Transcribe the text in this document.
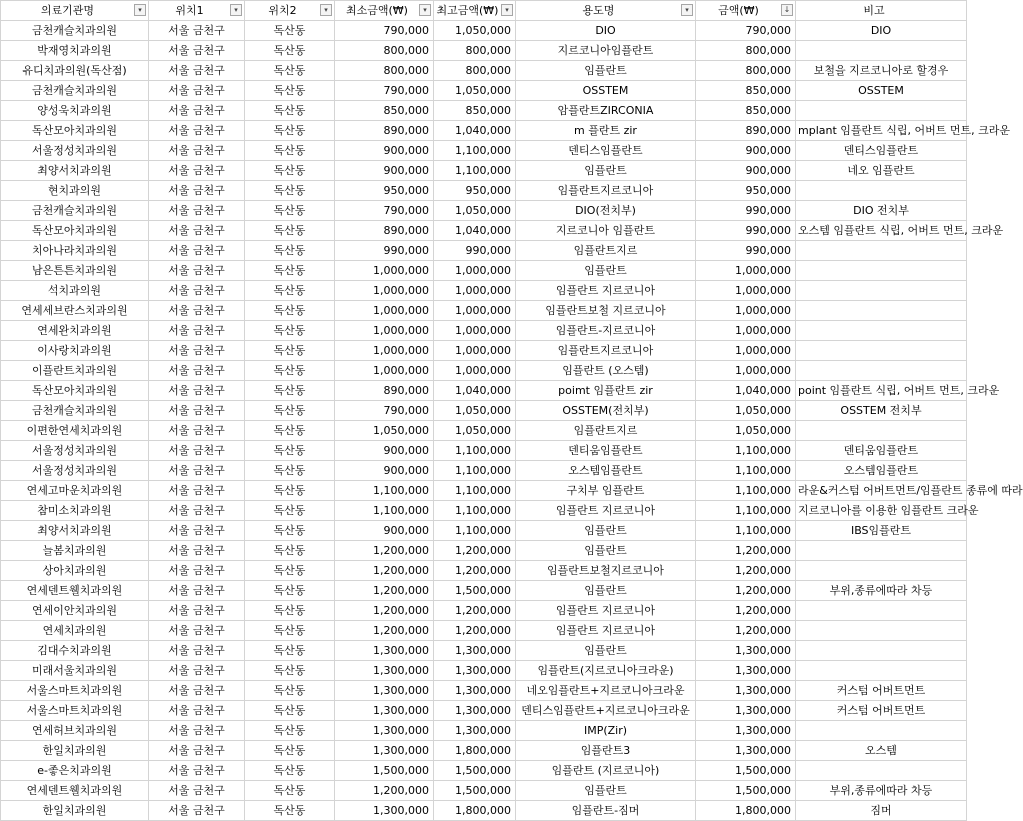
의료기관명 ▾	위치1 ▾	위치2 ▾	최소금액(₩) ▾	최고금액(₩) ▾	용도명 ▾	금액(₩) ↓	비고
금천캐슬치과의원	서울 금천구	독산동	790,000	1,050,000	DIO	790,000	DIO
박재영치과의원	서울 금천구	독산동	800,000	800,000	지르코니아임플란트	800,000	
유디치과의원(독산점)	서울 금천구	독산동	800,000	800,000	임플란트	800,000	보철을 지르코니아로 할경우
금천캐슬치과의원	서울 금천구	독산동	790,000	1,050,000	OSSTEM	850,000	OSSTEM
양성욱치과의원	서울 금천구	독산동	850,000	850,000	암플란트ZIRCONIA	850,000	
독산모아치과의원	서울 금천구	독산동	890,000	1,040,000	m 플란트 zir	890,000	mplant 임플란트 식립, 어버트 먼트, 크라운
서울정성치과의원	서울 금천구	독산동	900,000	1,100,000	덴티스임플란트	900,000	덴티스임플란트
최양서치과의원	서울 금천구	독산동	900,000	1,100,000	임플란트	900,000	네오 임플란트
현치과의원	서울 금천구	독산동	950,000	950,000	임플란트지르코니아	950,000	
금천캐슬치과의원	서울 금천구	독산동	790,000	1,050,000	DIO(전치부)	990,000	DIO 전치부
독산모아치과의원	서울 금천구	독산동	890,000	1,040,000	지르코니아 임플란트	990,000	오스템 임플란트 식립, 어버트 먼트, 크라운
치아나라치과의원	서울 금천구	독산동	990,000	990,000	임플란트지르	990,000	
남은튼튼치과의원	서울 금천구	독산동	1,000,000	1,000,000	임플란트	1,000,000	
석치과의원	서울 금천구	독산동	1,000,000	1,000,000	임플란트 지르코니아	1,000,000	
연세세브란스치과의원	서울 금천구	독산동	1,000,000	1,000,000	임플란트보철 지르코니아	1,000,000	
연세완치과의원	서울 금천구	독산동	1,000,000	1,000,000	임플란트-지르코니아	1,000,000	
이사랑치과의원	서울 금천구	독산동	1,000,000	1,000,000	임플란트지르코니아	1,000,000	
이플란트치과의원	서울 금천구	독산동	1,000,000	1,000,000	임플란트 (오스템)	1,000,000	
독산모아치과의원	서울 금천구	독산동	890,000	1,040,000	poimt 임플란트 zir	1,040,000	point 임플란트 식립, 어버트 먼트, 크라운
금천캐슬치과의원	서울 금천구	독산동	790,000	1,050,000	OSSTEM(전치부)	1,050,000	OSSTEM 전치부
이편한연세치과의원	서울 금천구	독산동	1,050,000	1,050,000	임플란트지르	1,050,000	
서울정성치과의원	서울 금천구	독산동	900,000	1,100,000	덴티움임플란트	1,100,000	덴티움임플란트
서울정성치과의원	서울 금천구	독산동	900,000	1,100,000	오스템임플란트	1,100,000	오스템임플란트
연세고마운치과의원	서울 금천구	독산동	1,100,000	1,100,000	구치부 임플란트	1,100,000	라운&커스텀 어버트먼트/임플란트 종류에 따라
참미소치과의원	서울 금천구	독산동	1,100,000	1,100,000	임플란트 지르코니아	1,100,000	지르코니아를 이용한 임플란트 크라운
최양서치과의원	서울 금천구	독산동	900,000	1,100,000	임플란트	1,100,000	IBS임플란트
늘봄치과의원	서울 금천구	독산동	1,200,000	1,200,000	임플란트	1,200,000	
상아치과의원	서울 금천구	독산동	1,200,000	1,200,000	임플란트보철지르코니아	1,200,000	
연세덴트웰치과의원	서울 금천구	독산동	1,200,000	1,500,000	임플란트	1,200,000	부위,종류에따라 차등
연세이안치과의원	서울 금천구	독산동	1,200,000	1,200,000	임플란트 지르코니아	1,200,000	
연세치과의원	서울 금천구	독산동	1,200,000	1,200,000	임플란트 지르코니아	1,200,000	
김대수치과의원	서울 금천구	독산동	1,300,000	1,300,000	임플란트	1,300,000	
미래서울치과의원	서울 금천구	독산동	1,300,000	1,300,000	임플란트(지르코니아크라운)	1,300,000	
서울스마트치과의원	서울 금천구	독산동	1,300,000	1,300,000	네오임플란트+지르코니아크라운	1,300,000	커스텀 어버트먼트
서울스마트치과의원	서울 금천구	독산동	1,300,000	1,300,000	덴티스임플란트+지르코니아크라운	1,300,000	커스텀 어버트먼트
연세허브치과의원	서울 금천구	독산동	1,300,000	1,300,000	IMP(Zir)	1,300,000	
한일치과의원	서울 금천구	독산동	1,300,000	1,800,000	임플란트3	1,300,000	오스템
e-좋은치과의원	서울 금천구	독산동	1,500,000	1,500,000	임플란트 (지르코니아)	1,500,000	
연세덴트웰치과의원	서울 금천구	독산동	1,200,000	1,500,000	임플란트	1,500,000	부위,종류에따라 차등
한일치과의원	서울 금천구	독산동	1,300,000	1,800,000	임플란트-짐머	1,800,000	짐머
